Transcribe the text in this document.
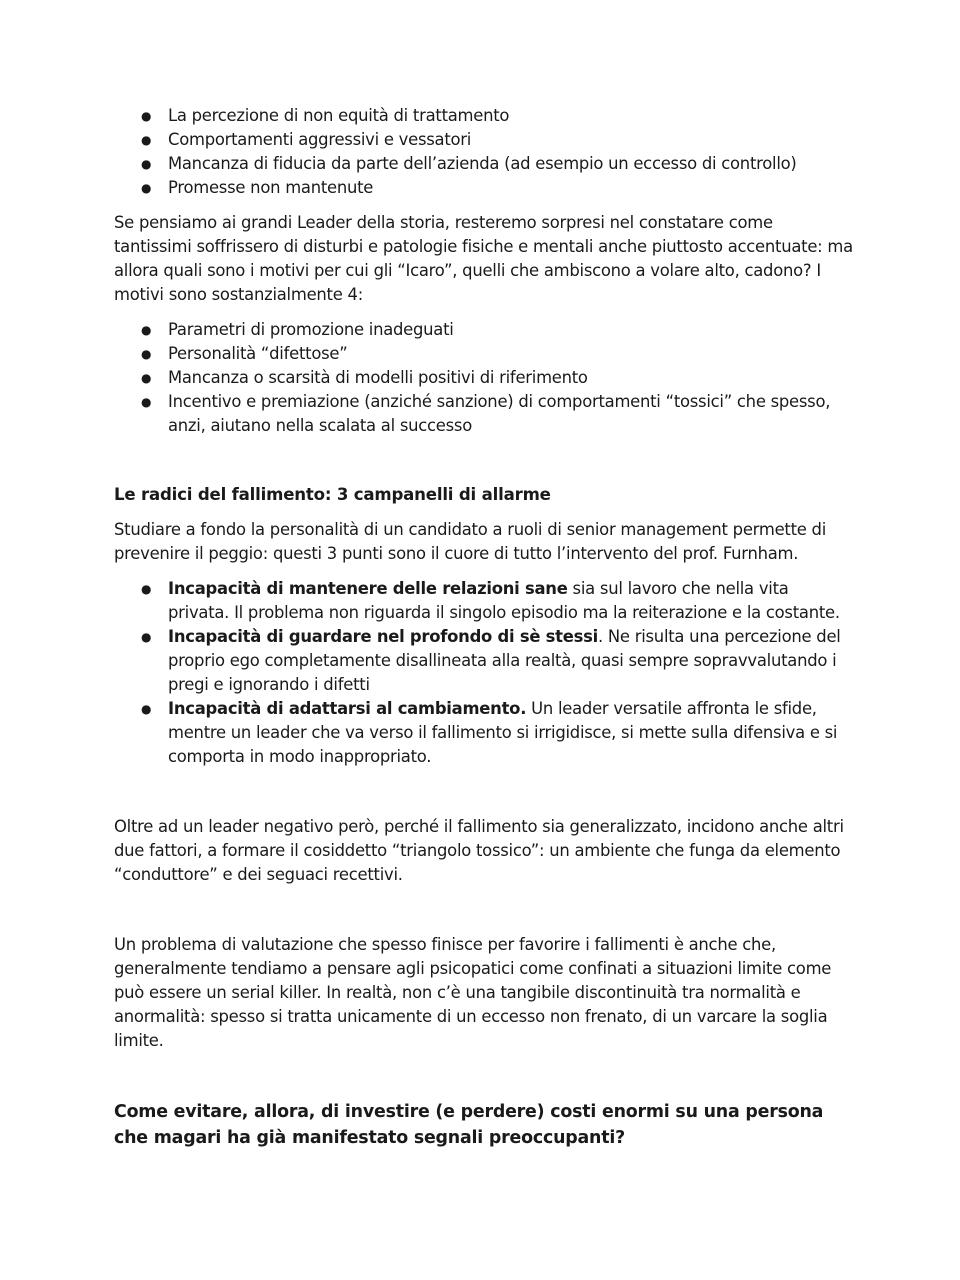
● La percezione di non equità di trattamento
● Comportamenti aggressivi e vessatori
● Mancanza di fiducia da parte dell’azienda (ad esempio un eccesso di controllo)
● Promesse non mantenute

Se pensiamo ai grandi Leader della storia, resteremo sorpresi nel constatare come tantissimi soffrissero di disturbi e patologie fisiche e mentali anche piuttosto accentuate: ma allora quali sono i motivi per cui gli “Icaro”, quelli che ambiscono a volare alto, cadono? I motivi sono sostanzialmente 4:

● Parametri di promozione inadeguati
● Personalità “difettose”
● Mancanza o scarsità di modelli positivi di riferimento
● Incentivo e premiazione (anziché sanzione) di comportamenti “tossici” che spesso, anzi, aiutano nella scalata al successo

Le radici del fallimento: 3 campanelli di allarme

Studiare a fondo la personalità di un candidato a ruoli di senior management permette di prevenire il peggio: questi 3 punti sono il cuore di tutto l’intervento del prof. Furnham.

● Incapacità di mantenere delle relazioni sane sia sul lavoro che nella vita privata. Il problema non riguarda il singolo episodio ma la reiterazione e la costante.
● Incapacità di guardare nel profondo di sè stessi. Ne risulta una percezione del proprio ego completamente disallineata alla realtà, quasi sempre sopravvalutando i pregi e ignorando i difetti
● Incapacità di adattarsi al cambiamento. Un leader versatile affronta le sfide, mentre un leader che va verso il fallimento si irrigidisce, si mette sulla difensiva e si comporta in modo inappropriato.

Oltre ad un leader negativo però, perché il fallimento sia generalizzato, incidono anche altri due fattori, a formare il cosiddetto “triangolo tossico”: un ambiente che funga da elemento “conduttore” e dei seguaci recettivi.

Un problema di valutazione che spesso finisce per favorire i fallimenti è anche che, generalmente tendiamo a pensare agli psicopatici come confinati a situazioni limite come può essere un serial killer. In realtà, non c’è una tangibile discontinuità tra normalità e anormalità: spesso si tratta unicamente di un eccesso non frenato, di un varcare la soglia limite.

Come evitare, allora, di investire (e perdere) costi enormi su una persona che magari ha già manifestato segnali preoccupanti?
